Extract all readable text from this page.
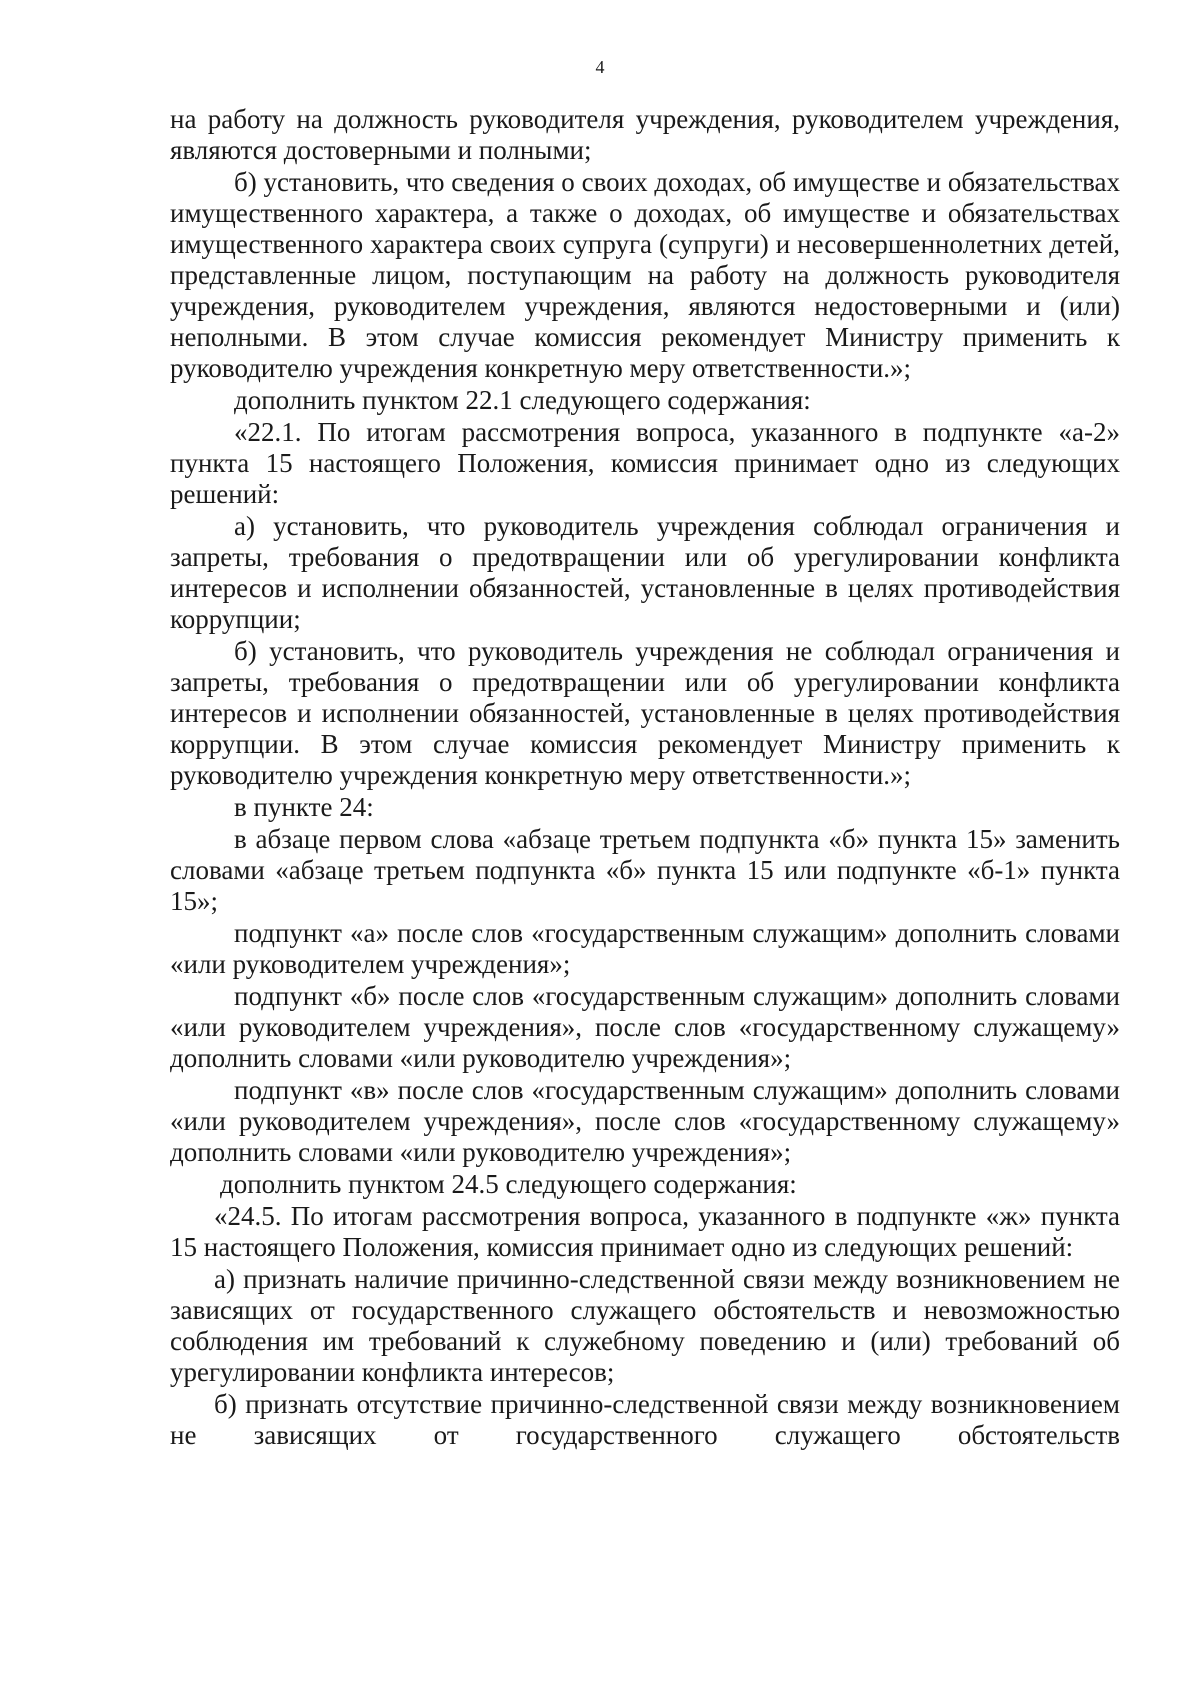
4

на работу на должность руководителя учреждения, руководителем учреждения, являются достоверными и полными;

б) установить, что сведения о своих доходах, об имуществе и обязательствах имущественного характера, а также о доходах, об имуществе и обязательствах имущественного характера своих супруга (супруги) и несовершеннолетних детей, представленные лицом, поступающим на работу на должность руководителя учреждения, руководителем учреждения, являются недостоверными и (или) неполными. В этом случае комиссия рекомендует Министру применить к руководителю учреждения конкретную меру ответственности.»;

дополнить пунктом 22.1 следующего содержания:

«22.1. По итогам рассмотрения вопроса, указанного в подпункте «а-2» пункта 15 настоящего Положения, комиссия принимает одно из следующих решений:

а) установить, что руководитель учреждения соблюдал ограничения и запреты, требования о предотвращении или об урегулировании конфликта интересов и исполнении обязанностей, установленные в целях противодействия коррупции;

б) установить, что руководитель учреждения не соблюдал ограничения и запреты, требования о предотвращении или об урегулировании конфликта интересов и исполнении обязанностей, установленные в целях противодействия коррупции. В этом случае комиссия рекомендует Министру применить к руководителю учреждения конкретную меру ответственности.»;

в пункте 24:

в абзаце первом слова «абзаце третьем подпункта «б» пункта 15» заменить словами «абзаце третьем подпункта «б» пункта 15 или подпункте «б-1» пункта 15»;

подпункт «а» после слов «государственным служащим» дополнить словами «или руководителем учреждения»;

подпункт «б» после слов «государственным служащим» дополнить словами «или руководителем учреждения», после слов «государственному служащему» дополнить словами «или руководителю учреждения»;

подпункт «в» после слов «государственным служащим» дополнить словами «или руководителем учреждения», после слов «государственному служащему» дополнить словами «или руководителю учреждения»;

дополнить пунктом 24.5 следующего содержания:

«24.5. По итогам рассмотрения вопроса, указанного в подпункте «ж» пункта 15 настоящего Положения, комиссия принимает одно из следующих решений:

а) признать наличие причинно-следственной связи между возникновением не зависящих от государственного служащего обстоятельств и невозможностью соблюдения им требований к служебному поведению и (или) требований об урегулировании конфликта интересов;

б) признать отсутствие причинно-следственной связи между возникновением не зависящих от государственного служащего обстоятельств
